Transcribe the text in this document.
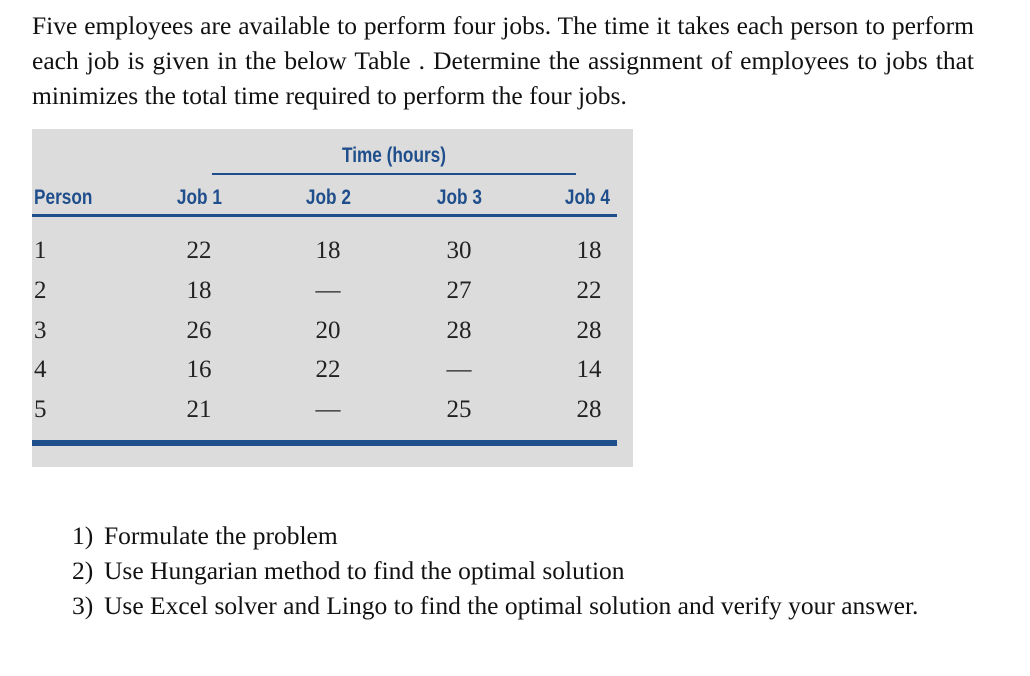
Five employees are available to perform four jobs. The time it takes each person to perform each job is given in the below Table . Determine the assignment of employees to jobs that minimizes the total time required to perform the four jobs.

Time (hours)
Person	Job 1	Job 2	Job 3	Job 4
1	22	18	30	18
2	18	—	27	22
3	26	20	28	28
4	16	22	—	14
5	21	—	25	28
1) Formulate the problem
2) Use Hungarian method to find the optimal solution
3) Use Excel solver and Lingo to find the optimal solution and verify your answer.
